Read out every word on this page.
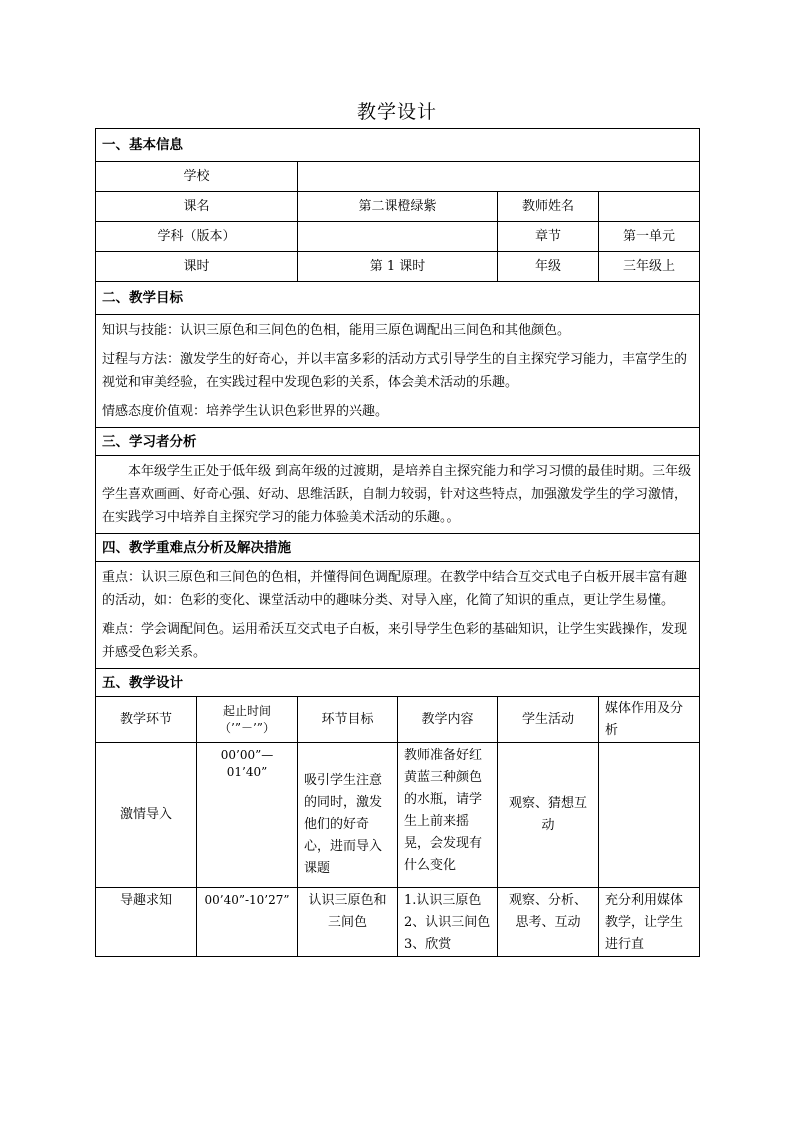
教学设计
一、基本信息					
学校					
课名		第二课橙绿紫		教师姓名	
学科（版本）				章节	第一单元
课时		第 1 课时		年级	三年级上
二、教学目标					

知识与技能：认识三原色和三间色的色相，能用三原色调配出三间色和其他颜色。

过程与方法：激发学生的好奇心，并以丰富多彩的活动方式引导学生的自主探究学习能力，丰富学生的视觉和审美经验，在实践过程中发现色彩的关系，体会美术活动的乐趣。

情感态度价值观：培养学生认识色彩世界的兴趣。					

三、学习者分析					

本年级学生正处于低年级 到高年级的过渡期，是培养自主探究能力和学习习惯的最佳时期。三年级学生喜欢画画、好奇心强、好动、思维活跃，自制力较弱，针对这些特点，加强激发学生的学习激情，在实践学习中培养自主探究学习的能力体验美术活动的乐趣。。					

四、教学重难点分析及解决措施					

重点：认识三原色和三间色的色相，并懂得间色调配原理。在教学中结合互交式电子白板开展丰富有趣的活动，如：色彩的变化、课堂活动中的趣味分类、对导入座，化简了知识的重点，更让学生易懂。

难点：学会调配间色。运用希沃互交式电子白板，来引导学生色彩的基础知识，让学生实践操作，发现并感受色彩关系。					

五、教学设计					
教学环节	起止时间（’”－’”）	环节目标	教学内容	学生活动	媒体作用及分析
激情导入	00’00”—01’40”	吸引学生注意的同时，激发他们的好奇心，进而导入课题	教师准备好红黄蓝三种颜色的水瓶，请学生上前来摇晃，会发现有什么变化	观察、猜想互动	
导趣求知	00’40”-10’27”	认识三原色和三间色	1.认识三原色 2、认识三间色 3、欣赏	观察、分析、思考、互动	充分利用媒体教学，让学生进行直
